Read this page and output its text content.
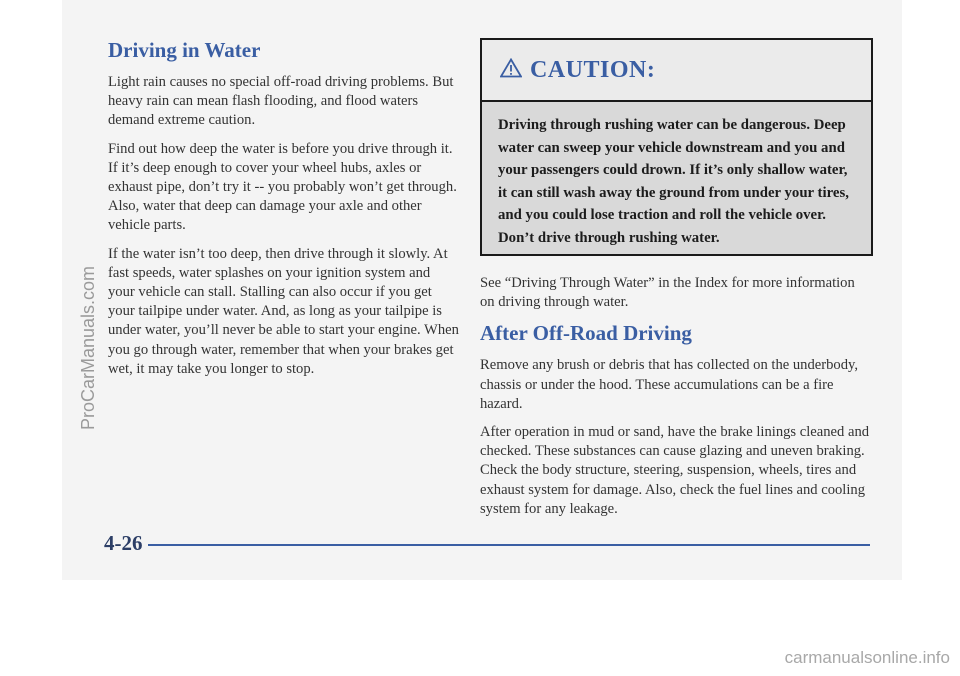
Driving in Water

Light rain causes no special off-road driving problems. But heavy rain can mean flash flooding, and flood waters demand extreme caution.

Find out how deep the water is before you drive through it. If it’s deep enough to cover your wheel hubs, axles or exhaust pipe, don’t try it -- you probably won’t get through. Also, water that deep can damage your axle and other vehicle parts.

If the water isn’t too deep, then drive through it slowly. At fast speeds, water splashes on your ignition system and your vehicle can stall. Stalling can also occur if you get your tailpipe under water. And, as long as your tailpipe is under water, you’ll never be able to start your engine. When you go through water, remember that when your brakes get wet, it may take you longer to stop.

CAUTION:
Driving through rushing water can be dangerous. Deep water can sweep your vehicle downstream and you and your passengers could drown. If it’s only shallow water, it can still wash away the ground from under your tires, and you could lose traction and roll the vehicle over. Don’t drive through rushing water.

See “Driving Through Water” in the Index for more information on driving through water.

After Off-Road Driving

Remove any brush or debris that has collected on the underbody, chassis or under the hood. These accumulations can be a fire hazard.

After operation in mud or sand, have the brake linings cleaned and checked. These substances can cause glazing and uneven braking. Check the body structure, steering, suspension, wheels, tires and exhaust system for damage. Also, check the fuel lines and cooling system for any leakage.

4-26
ProCarManuals.com
carmanualsonline.info
